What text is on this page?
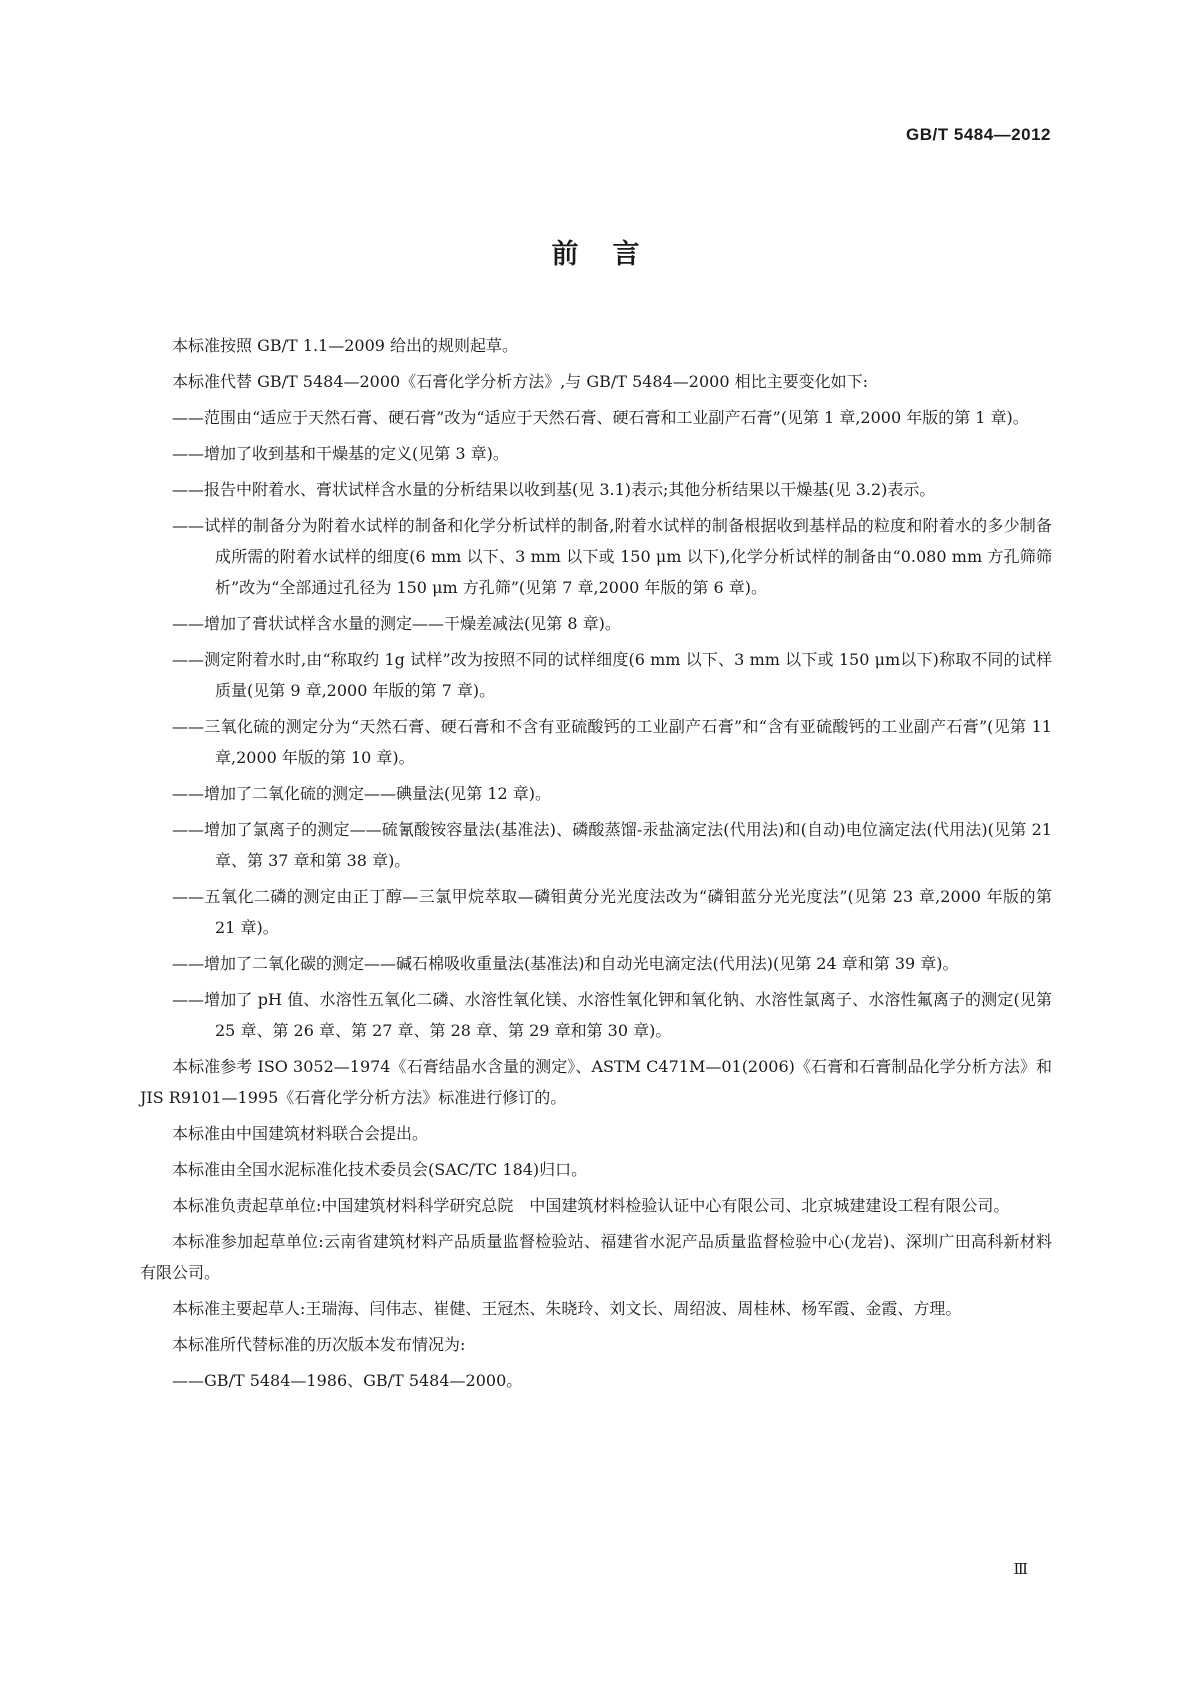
GB/T 5484—2012
前言

本标准按照 GB/T 1.1—2009 给出的规则起草。

本标准代替 GB/T 5484—2000《石膏化学分析方法》,与 GB/T 5484—2000 相比主要变化如下:

——范围由“适应于天然石膏、硬石膏”改为“适应于天然石膏、硬石膏和工业副产石膏”(见第 1 章,2000 年版的第 1 章)。

——增加了收到基和干燥基的定义(见第 3 章)。

——报告中附着水、膏状试样含水量的分析结果以收到基(见 3.1)表示;其他分析结果以干燥基(见 3.2)表示。

——试样的制备分为附着水试样的制备和化学分析试样的制备,附着水试样的制备根据收到基样品的粒度和附着水的多少制备成所需的附着水试样的细度(6 mm 以下、3 mm 以下或 150 μm 以下),化学分析试样的制备由“0.080 mm 方孔筛筛析”改为“全部通过孔径为 150 μm 方孔筛”(见第 7 章,2000 年版的第 6 章)。

——增加了膏状试样含水量的测定——干燥差减法(见第 8 章)。

——测定附着水时,由“称取约 1g 试样”改为按照不同的试样细度(6 mm 以下、3 mm 以下或 150 μm以下)称取不同的试样质量(见第 9 章,2000 年版的第 7 章)。

——三氧化硫的测定分为“天然石膏、硬石膏和不含有亚硫酸钙的工业副产石膏”和“含有亚硫酸钙的工业副产石膏”(见第 11 章,2000 年版的第 10 章)。

——增加了二氧化硫的测定——碘量法(见第 12 章)。

——增加了氯离子的测定——硫氰酸铵容量法(基准法)、磷酸蒸馏-汞盐滴定法(代用法)和(自动)电位滴定法(代用法)(见第 21 章、第 37 章和第 38 章)。

——五氧化二磷的测定由正丁醇—三氯甲烷萃取—磷钼黄分光光度法改为“磷钼蓝分光光度法”(见第 23 章,2000 年版的第 21 章)。

——增加了二氧化碳的测定——碱石棉吸收重量法(基准法)和自动光电滴定法(代用法)(见第 24 章和第 39 章)。

——增加了 pH 值、水溶性五氧化二磷、水溶性氧化镁、水溶性氧化钾和氧化钠、水溶性氯离子、水溶性氟离子的测定(见第 25 章、第 26 章、第 27 章、第 28 章、第 29 章和第 30 章)。

本标准参考 ISO 3052—1974《石膏结晶水含量的测定》、ASTM C471M—01(2006)《石膏和石膏制品化学分析方法》和 JIS R9101—1995《石膏化学分析方法》标准进行修订的。

本标准由中国建筑材料联合会提出。

本标准由全国水泥标准化技术委员会(SAC/TC 184)归口。

本标准负责起草单位:中国建筑材料科学研究总院　中国建筑材料检验认证中心有限公司、北京城建建设工程有限公司。

本标准参加起草单位:云南省建筑材料产品质量监督检验站、福建省水泥产品质量监督检验中心(龙岩)、深圳广田高科新材料有限公司。

本标准主要起草人:王瑞海、闫伟志、崔健、王冠杰、朱晓玲、刘文长、周绍波、周桂林、杨军霞、金霞、方理。

本标准所代替标准的历次版本发布情况为:

——GB/T 5484—1986、GB/T 5484—2000。

Ⅲ
